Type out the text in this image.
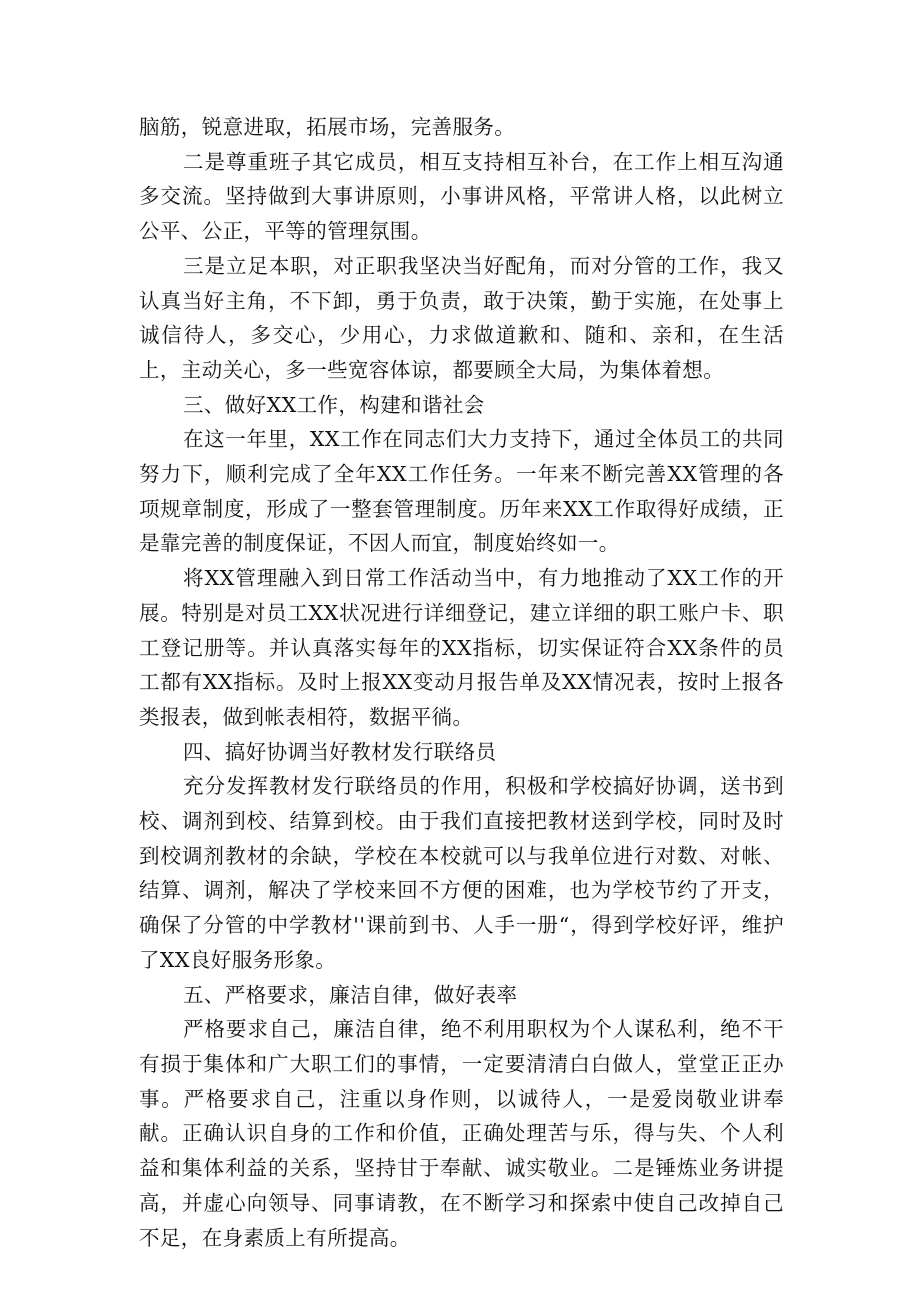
脑筋，锐意进取，拓展市场，完善服务。

二是尊重班子其它成员，相互支持相互补台，在工作上相互沟通多交流。坚持做到大事讲原则，小事讲风格，平常讲人格，以此树立公平、公正，平等的管理氛围。

三是立足本职，对正职我坚决当好配角，而对分管的工作，我又认真当好主角，不下卸，勇于负责，敢于决策，勤于实施，在处事上诚信待人，多交心，少用心，力求做道歉和、随和、亲和，在生活上，主动关心，多一些宽容体谅，都要顾全大局，为集体着想。

三、做好XX工作，构建和谐社会

在这一年里，XX工作在同志们大力支持下，通过全体员工的共同努力下，顺利完成了全年XX工作任务。一年来不断完善XX管理的各项规章制度，形成了一整套管理制度。历年来XX工作取得好成绩，正是靠完善的制度保证，不因人而宜，制度始终如一。

将XX管理融入到日常工作活动当中，有力地推动了XX工作的开展。特别是对员工XX状况进行详细登记，建立详细的职工账户卡、职工登记册等。并认真落实每年的XX指标，切实保证符合XX条件的员工都有XX指标。及时上报XX变动月报告单及XX情况表，按时上报各类报表，做到帐表相符，数据平徜。

四、搞好协调当好教材发行联络员

充分发挥教材发行联络员的作用，积极和学校搞好协调，送书到校、调剂到校、结算到校。由于我们直接把教材送到学校，同时及时到校调剂教材的余缺，学校在本校就可以与我单位进行对数、对帐、结算、调剂，解决了学校来回不方便的困难，也为学校节约了开支，确保了分管的中学教材''课前到书、人手一册“，得到学校好评，维护了XX良好服务形象。

五、严格要求，廉洁自律，做好表率

严格要求自己，廉洁自律，绝不利用职权为个人谋私利，绝不干有损于集体和广大职工们的事情，一定要清清白白做人，堂堂正正办事。严格要求自己，注重以身作则，以诚待人，一是爱岗敬业讲奉献。正确认识自身的工作和价值，正确处理苦与乐，得与失、个人利益和集体利益的关系，坚持甘于奉献、诚实敬业。二是锤炼业务讲提高，并虚心向领导、同事请教，在不断学习和探索中使自己改掉自己不足，在身素质上有所提高。
